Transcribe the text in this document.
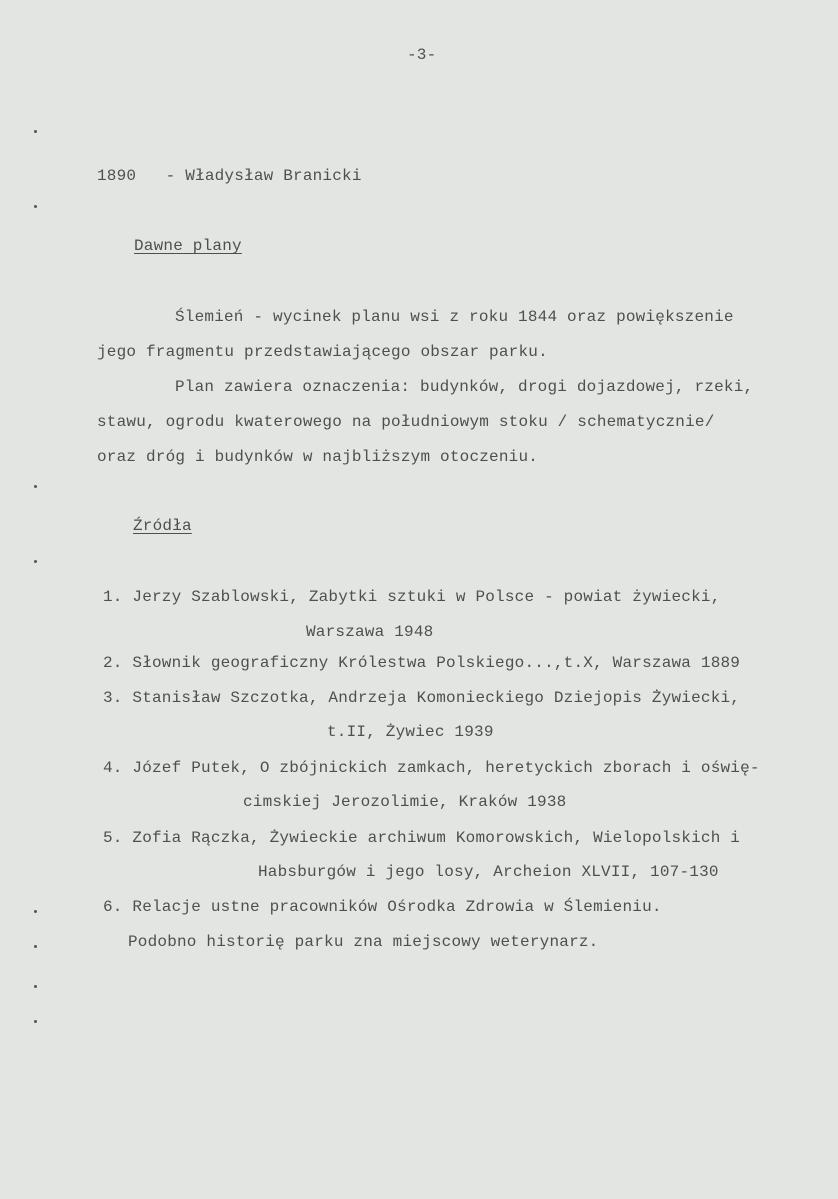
-3-
1890   - Władysław Branicki
Dawne plany
Ślemień - wycinek planu wsi z roku 1844 oraz powiększenie
jego fragmentu przedstawiającego obszar parku.
Plan zawiera oznaczenia: budynków, drogi dojazdowej, rzeki,
stawu, ogrodu kwaterowego na południowym stoku / schematycznie/
oraz dróg i budynków w najbliższym otoczeniu.
Źródła
1. Jerzy Szablowski, Zabytki sztuki w Polsce - powiat żywiecki,
Warszawa 1948
2. Słownik geograficzny Królestwa Polskiego...,t.X, Warszawa 1889
3. Stanisław Szczotka, Andrzeja Komonieckiego Dziejopis Żywiecki,
t.II, Żywiec 1939
4. Józef Putek, O zbójnickich zamkach, heretyckich zborach i oświę-
cimskiej Jerozolimie, Kraków 1938
5. Zofia Rączka, Żywieckie archiwum Komorowskich, Wielopolskich i
Habsburgów i jego losy, Archeion XLVII, 107-130
6. Relacje ustne pracowników Ośrodka Zdrowia w Ślemieniu.
Podobno historię parku zna miejscowy weterynarz.
